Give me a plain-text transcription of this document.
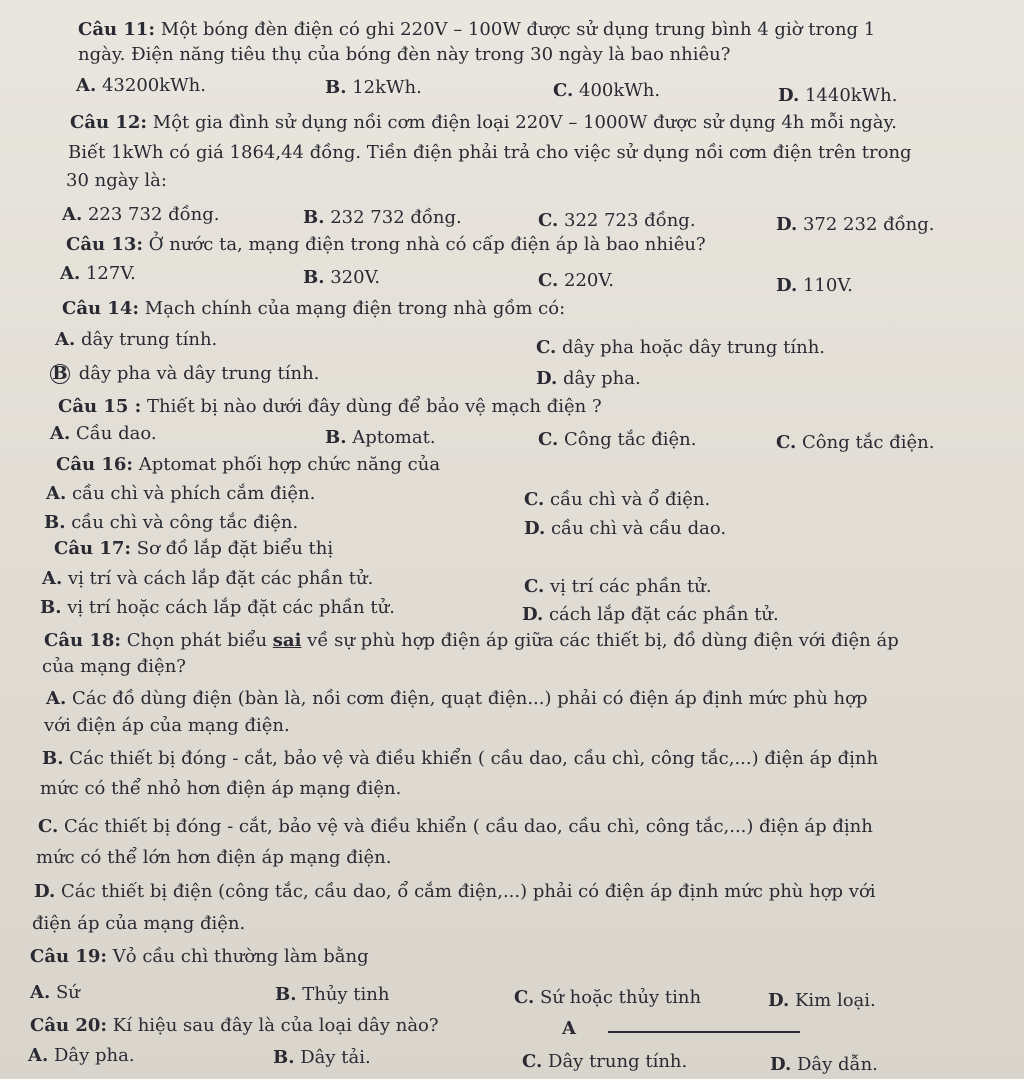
Câu 11: Một bóng đèn điện có ghi 220V – 100W được sử dụng trung bình 4 giờ trong 1
ngày. Điện năng tiêu thụ của bóng đèn này trong 30 ngày là bao nhiêu?
A. 43200kWh.	B. 12kWh.	C. 400kWh.	D. 1440kWh.
Câu 12: Một gia đình sử dụng nồi cơm điện loại 220V – 1000W được sử dụng 4h mỗi ngày.
Biết 1kWh có giá 1864,44 đồng. Tiền điện phải trả cho việc sử dụng nồi cơm điện trên trong
30 ngày là:
A. 223 732 đồng.	B. 232 732 đồng.	C. 322 723 đồng.	D. 372 232 đồng.
Câu 13: Ở nước ta, mạng điện trong nhà có cấp điện áp là bao nhiêu?
A. 127V.	B. 320V.	C. 220V.	D. 110V.
Câu 14: Mạch chính của mạng điện trong nhà gồm có:
A. dây trung tính.	C. dây pha hoặc dây trung tính.
B dây pha và dây trung tính.	D. dây pha.
Câu 15 : Thiết bị nào dưới đây dùng để bảo vệ mạch điện ?
A. Cầu dao.	B. Aptomat.	C. Công tắc điện.	C. Công tắc điện.
Câu 16: Aptomat phối hợp chức năng của
A. cầu chì và phích cắm điện.	C. cầu chì và ổ điện.
B. cầu chì và công tắc điện.	D. cầu chì và cầu dao.
Câu 17: Sơ đồ lắp đặt biểu thị
A. vị trí và cách lắp đặt các phần tử.	C. vị trí các phần tử.
B. vị trí hoặc cách lắp đặt các phần tử.	D. cách lắp đặt các phần tử.
Câu 18: Chọn phát biểu sai về sự phù hợp điện áp giữa các thiết bị, đồ dùng điện với điện áp
của mạng điện?
A. Các đồ dùng điện (bàn là, nồi cơm điện, quạt điện...) phải có điện áp định mức phù hợp
với điện áp của mạng điện.
B. Các thiết bị đóng - cắt, bảo vệ và điều khiển ( cầu dao, cầu chì, công tắc,...) điện áp định
mức có thể nhỏ hơn điện áp mạng điện.
C. Các thiết bị đóng - cắt, bảo vệ và điều khiển ( cầu dao, cầu chì, công tắc,...) điện áp định
mức có thể lớn hơn điện áp mạng điện.
D. Các thiết bị điện (công tắc, cầu dao, ổ cắm điện,...) phải có điện áp định mức phù hợp với
điện áp của mạng điện.
Câu 19: Vỏ cầu chì thường làm bằng
A. Sứ	B. Thủy tinh	C. Sứ hoặc thủy tinh	D. Kim loại.
Câu 20: Kí hiệu sau đây là của loại dây nào?	A
A. Dây pha.	B. Dây tải.	C. Dây trung tính.	D. Dây dẫn.
